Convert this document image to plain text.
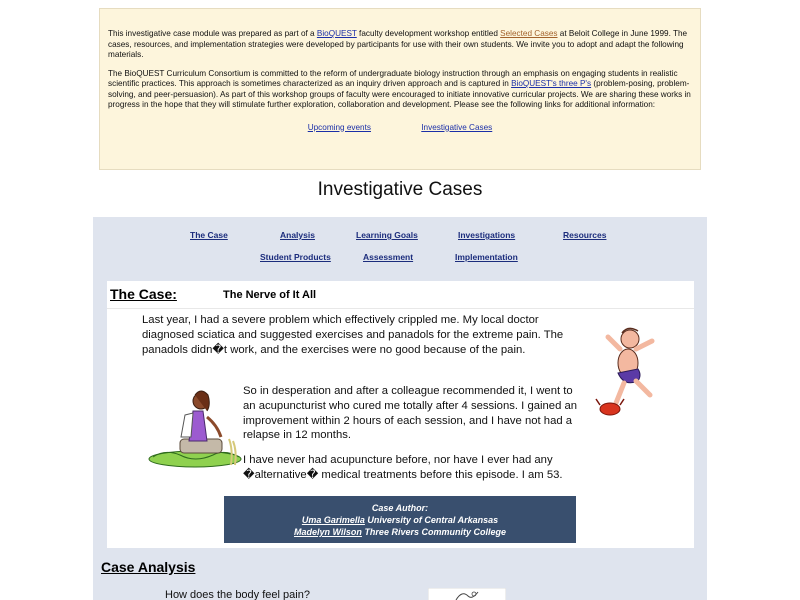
This investigative case module was prepared as part of a BioQUEST faculty development workshop entitled Selected Cases at Beloit College in June 1999. The cases, resources, and implementation strategies were developed by participants for use with their own students. We invite you to adopt and adapt the following materials.

The BioQUEST Curriculum Consortium is committed to the reform of undergraduate biology instruction through an emphasis on engaging students in realistic scientific practices. This approach is sometimes characterized as an inquiry driven approach and is captured in BioQUEST's three P's (problem-posing, problem-solving, and peer-persuasion). As part of this workshop groups of faculty were encouraged to initiate innovative curricular projects. We are sharing these works in progress in the hope that they will stimulate further exploration, collaboration and development. Please see the following links for additional information:

Upcoming events	Investigative Cases
Investigative Cases
The Case	Analysis	Learning Goals	Investigations	Resources
Student Products	Assessment	Implementation
The Case:	The Nerve of It All
Last year, I had a severe problem which effectively crippled me. My local doctor diagnosed sciatica and suggested exercises and panadols for the extreme pain. The panadols didn�t work, and the exercises were no good because of the pain.
So in desperation and after a colleague recommended it, I went to an acupuncturist who cured me totally after 4 sessions. I gained an improvement within 2 hours of each session, and I have not had a relapse in 12 months.
I have never had acupuncture before, nor have I ever had any �alternative� medical treatments before this episode. I am 53.
Case Author:
Uma Garimella University of Central Arkansas
Madelyn Wilson Three Rivers Community College
Case Analysis
How does the body feel pain?
